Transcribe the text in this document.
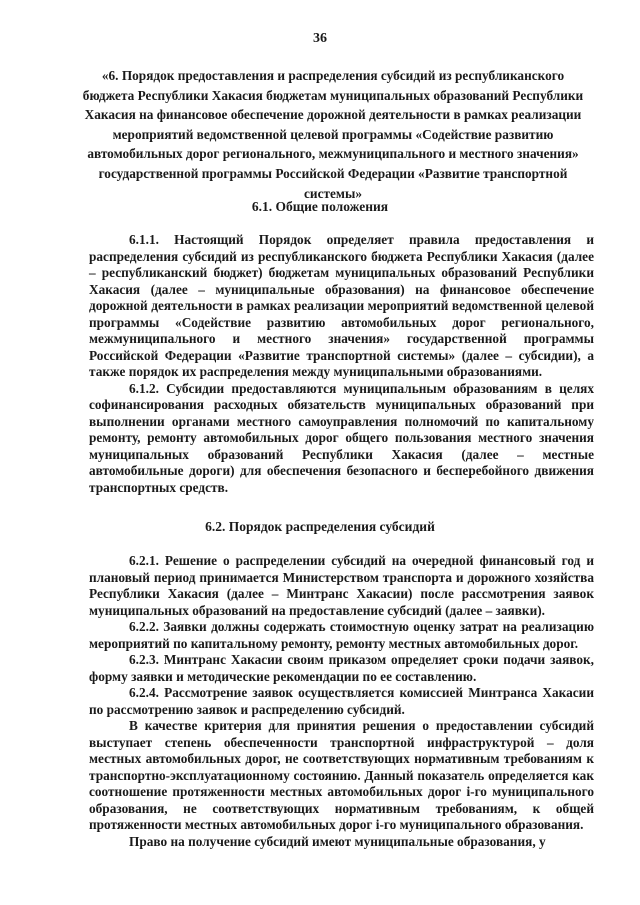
36
«6. Порядок предоставления и распределения субсидий из республиканского бюджета Республики Хакасия бюджетам муниципальных образований Республики Хакасия на финансовое обеспечение дорожной деятельности в рамках реализации мероприятий ведомственной целевой программы «Содействие развитию автомобильных дорог регионального, межмуниципального и местного значения» государственной программы Российской Федерации «Развитие транспортной системы»
6.1. Общие положения

6.1.1. Настоящий Порядок определяет правила предоставления и распределения субсидий из республиканского бюджета Республики Хакасия (далее – республиканский бюджет) бюджетам муниципальных образований Республики Хакасия (далее – муниципальные образования) на финансовое обеспечение дорожной деятельности в рамках реализации мероприятий ведомственной целевой программы «Содействие развитию автомобильных дорог регионального, межмуниципального и местного значения» государственной программы Российской Федерации «Развитие транспортной системы» (далее – субсидии), а также порядок их распределения между муниципальными образованиями.

6.1.2. Субсидии предоставляются муниципальным образованиям в целях софинансирования расходных обязательств муниципальных образований при выполнении органами местного самоуправления полномочий по капитальному ремонту, ремонту автомобильных дорог общего пользования местного значения муниципальных образований Республики Хакасия (далее – местные автомобильные дороги) для обеспечения безопасного и бесперебойного движения транспортных средств.

6.2. Порядок распределения субсидий

6.2.1. Решение о распределении субсидий на очередной финансовый год и плановый период принимается Министерством транспорта и дорожного хозяйства Республики Хакасия (далее – Минтранс Хакасии) после рассмотрения заявок муниципальных образований на предоставление субсидий (далее – заявки).

6.2.2. Заявки должны содержать стоимостную оценку затрат на реализацию мероприятий по капитальному ремонту, ремонту местных автомобильных дорог.

6.2.3. Минтранс Хакасии своим приказом определяет сроки подачи заявок, форму заявки и методические рекомендации по ее составлению.

6.2.4. Рассмотрение заявок осуществляется комиссией Минтранса Хакасии по рассмотрению заявок и распределению субсидий.

В качестве критерия для принятия решения о предоставлении субсидий выступает степень обеспеченности транспортной инфраструктурой – доля местных автомобильных дорог, не соответствующих нормативным требованиям к транспортно-эксплуатационному состоянию. Данный показатель определяется как соотношение протяженности местных автомобильных дорог i-го муниципального образования, не соответствующих нормативным требованиям, к общей протяженности местных автомобильных дорог i-го муниципального образования.

Право на получение субсидий имеют муниципальные образования, у
